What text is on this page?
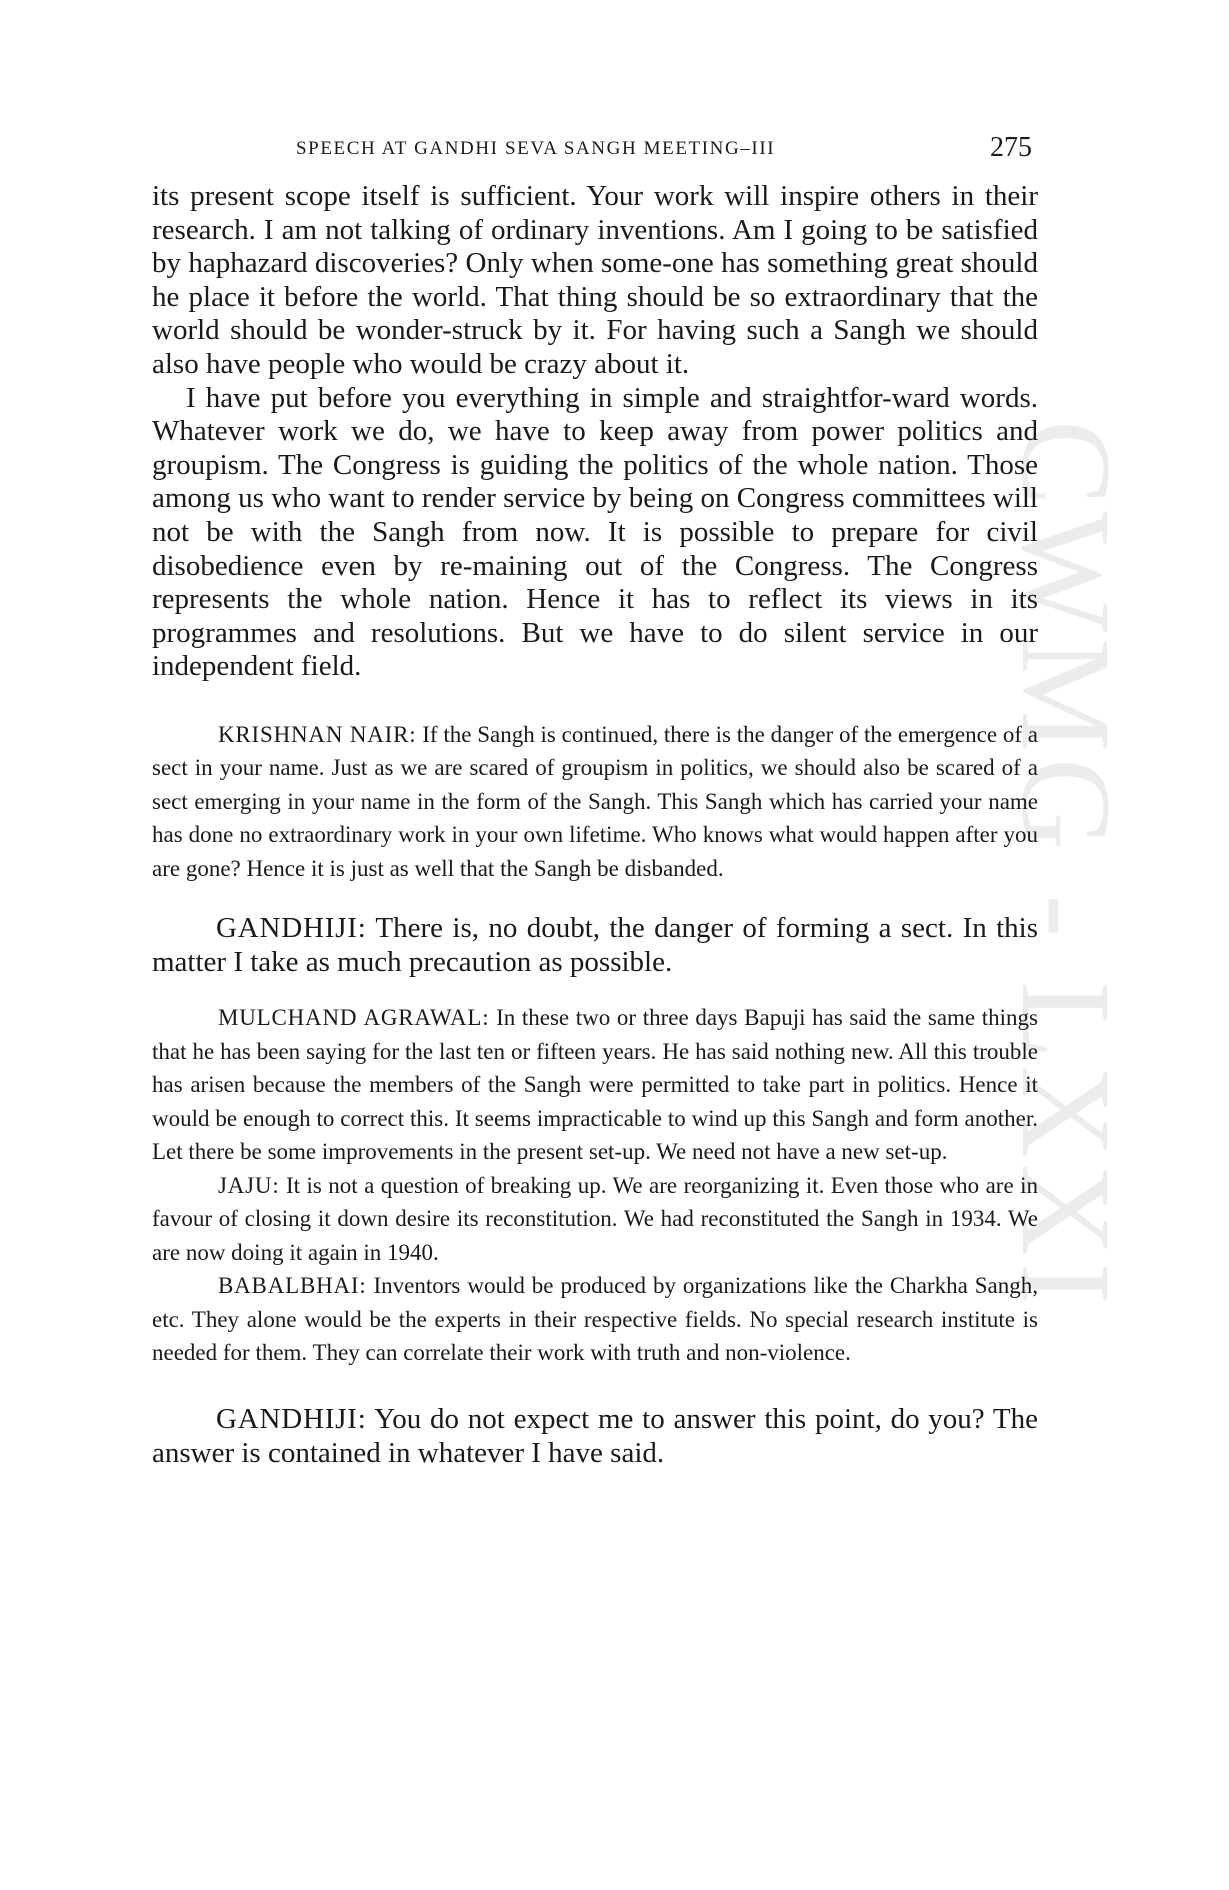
CWMG - LXXI
SPEECH AT GANDHI SEVA SANGH MEETING–III	275

its present scope itself is sufficient. Your work will inspire others in their research. I am not talking of ordinary inventions. Am I going to be satisfied by haphazard discoveries? Only when some-one has something great should he place it before the world. That thing should be so extraordinary that the world should be wonder-struck by it. For having such a Sangh we should also have people who would be crazy about it.

I have put before you everything in simple and straightfor-ward words. Whatever work we do, we have to keep away from power politics and groupism. The Congress is guiding the politics of the whole nation. Those among us who want to render service by being on Congress committees will not be with the Sangh from now. It is possible to prepare for civil disobedience even by re-maining out of the Congress. The Congress represents the whole nation. Hence it has to reflect its views in its programmes and resolutions. But we have to do silent service in our independent field.

KRISHNAN NAIR: If the Sangh is continued, there is the danger of the emergence of a sect in your name. Just as we are scared of groupism in politics, we should also be scared of a sect emerging in your name in the form of the Sangh. This Sangh which has carried your name has done no extraordinary work in your own lifetime. Who knows what would happen after you are gone? Hence it is just as well that the Sangh be disbanded.

GANDHIJI: There is, no doubt, the danger of forming a sect. In this matter I take as much precaution as possible.

MULCHAND AGRAWAL: In these two or three days Bapuji has said the same things that he has been saying for the last ten or fifteen years. He has said nothing new. All this trouble has arisen because the members of the Sangh were permitted to take part in politics. Hence it would be enough to correct this. It seems impracticable to wind up this Sangh and form another. Let there be some improvements in the present set-up. We need not have a new set-up.

JAJU: It is not a question of breaking up. We are reorganizing it. Even those who are in favour of closing it down desire its reconstitution. We had reconstituted the Sangh in 1934. We are now doing it again in 1940.

BABALBHAI: Inventors would be produced by organizations like the Charkha Sangh, etc. They alone would be the experts in their respective fields. No special research institute is needed for them. They can correlate their work with truth and non-violence.

GANDHIJI: You do not expect me to answer this point, do you? The answer is contained in whatever I have said.
